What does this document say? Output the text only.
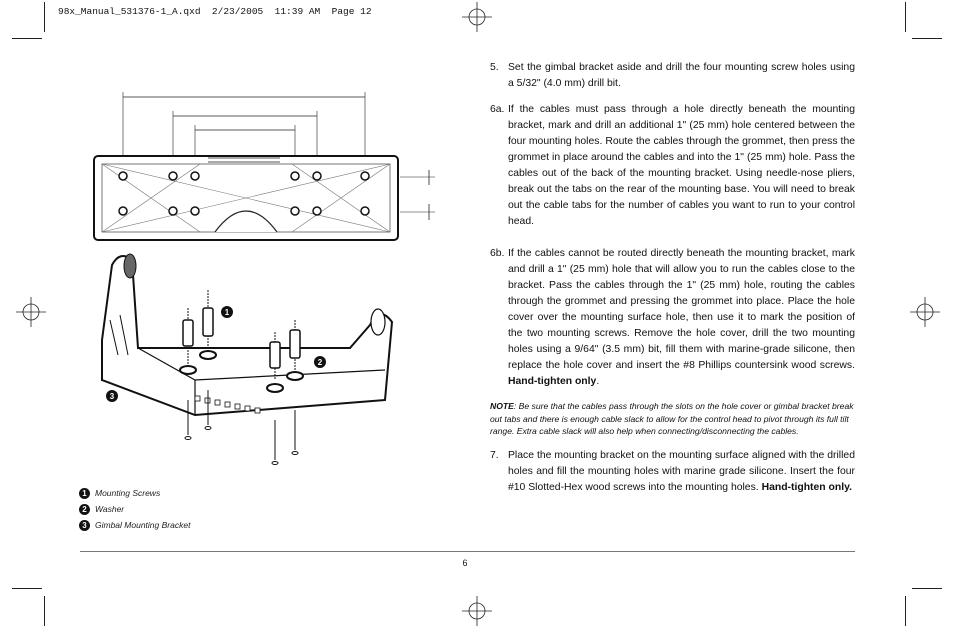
98x_Manual_531376-1_A.qxd  2/23/2005  11:39 AM  Page 12
1
2
3
1 Mounting Screws
2 Washer
3 Gimbal Mounting Bracket
5. Set the gimbal bracket aside and drill the four mounting screw holes using a 5/32" (4.0 mm) drill bit.
6a. If the cables must pass through a hole directly beneath the mounting bracket, mark and drill an additional 1" (25 mm) hole centered between the four mounting holes. Route the cables through the grommet, then press the grommet in place around the cables and into the 1" (25 mm) hole. Pass the cables out of the back of the mounting bracket. Using needle-nose pliers, break out the tabs on the rear of the mounting base. You will need to break out the cable tabs for the number of cables you want to run to your control head.
6b. If the cables cannot be routed directly beneath the mounting bracket, mark and drill a 1" (25 mm) hole that will allow you to run the cables close to the bracket. Pass the cables through the 1" (25 mm) hole, routing the cables through the grommet and pressing the grommet into place. Place the hole cover over the mounting surface hole, then use it to mark the position of the two mounting screws. Remove the hole cover, drill the two mounting holes using a 9/64" (3.5 mm) bit, fill them with marine-grade silicone, then replace the hole cover and insert the #8 Phillips countersink wood screws. Hand-tighten only.
NOTE: Be sure that the cables pass through the slots on the hole cover or gimbal bracket break out tabs and there is enough cable slack to allow for the control head to pivot through its full tilt range. Extra cable slack will also help when connecting/disconnecting the cables.
7. Place the mounting bracket on the mounting surface aligned with the drilled holes and fill the mounting holes with marine grade silicone. Insert the four #10 Slotted-Hex wood screws into the mounting holes. Hand-tighten only.
6
